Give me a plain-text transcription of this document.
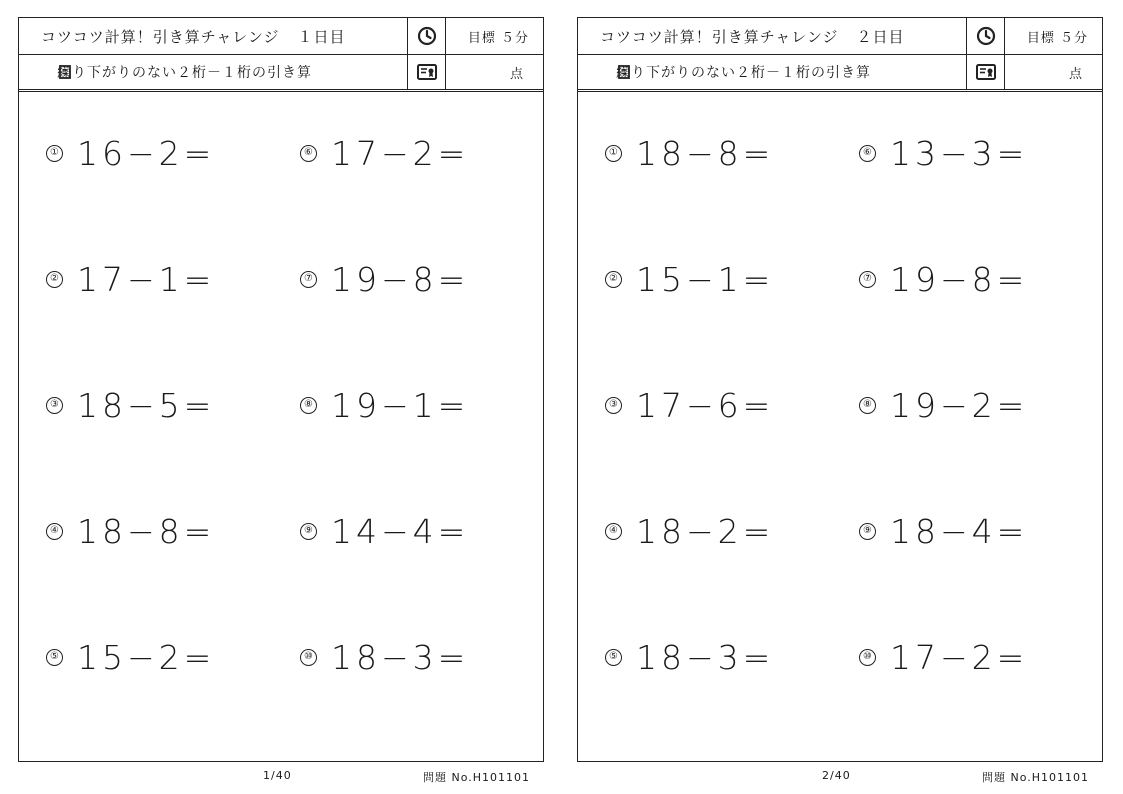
コツコツ計算！引き算チャレンジ １日目	目標
５分
繰り下がりのない２桁－１桁の引き算	点
① 16−2=
② 17−1=
③ 18−5=
④ 18−8=
⑤ 15−2=
⑥ 17−2=
⑦ 19−8=
⑧ 19−1=
⑨ 14−4=
⑩ 18−3=
1/40	問題 No.H101101
コツコツ計算！引き算チャレンジ ２日目	目標
５分
繰り下がりのない２桁－１桁の引き算	点
① 18−8=
② 15−1=
③ 17−6=
④ 18−2=
⑤ 18−3=
⑥ 13−3=
⑦ 19−8=
⑧ 19−2=
⑨ 18−4=
⑩ 17−2=
2/40	問題 No.H101101
